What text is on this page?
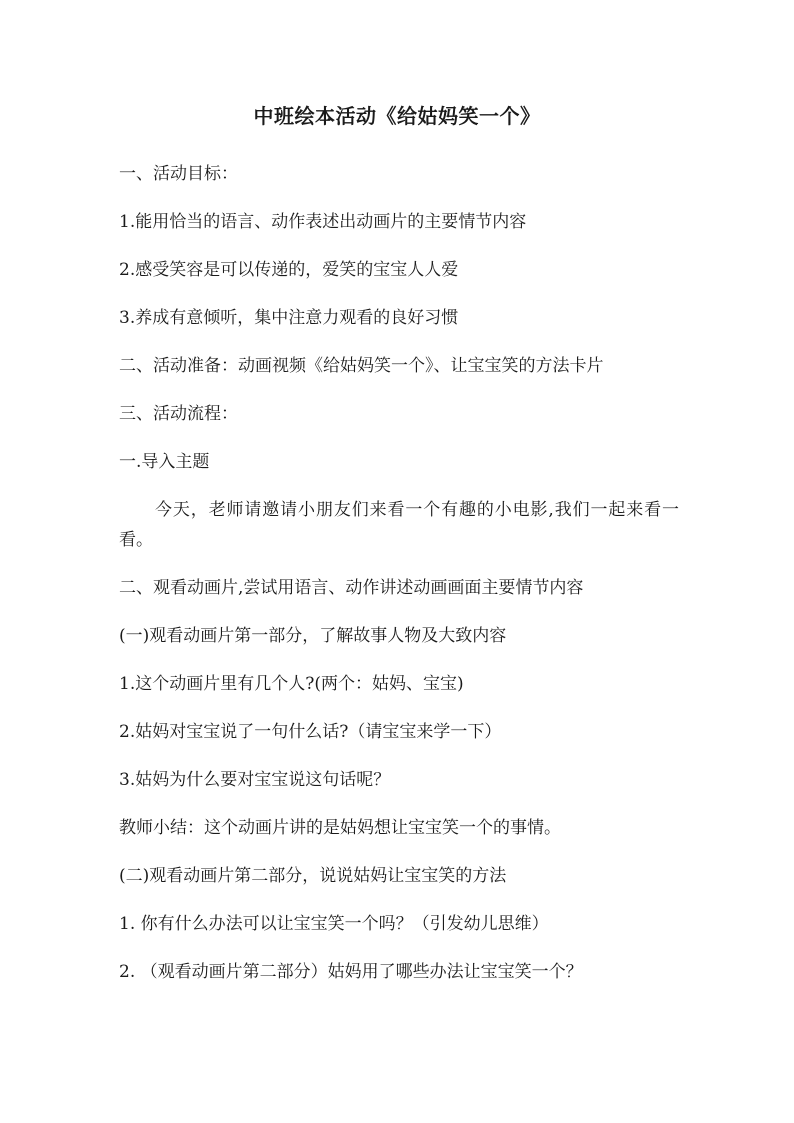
中班绘本活动《给姑妈笑一个》
一、活动目标：
1.能用恰当的语言、动作表述出动画片的主要情节内容
2.感受笑容是可以传递的，爱笑的宝宝人人爱
3.养成有意倾听，集中注意力观看的良好习惯
二、活动准备：动画视频《给姑妈笑一个》、让宝宝笑的方法卡片
三、活动流程：
一.导入主题
今天，老师请邀请小朋友们来看一个有趣的小电影,我们一起来看一看。
二、观看动画片,尝试用语言、动作讲述动画画面主要情节内容
(一)观看动画片第一部分，了解故事人物及大致内容
1.这个动画片里有几个人?(两个：姑妈、宝宝)
2.姑妈对宝宝说了一句什么话?（请宝宝来学一下）
3.姑妈为什么要对宝宝说这句话呢？
教师小结：这个动画片讲的是姑妈想让宝宝笑一个的事情。
(二)观看动画片第二部分，说说姑妈让宝宝笑的方法
1. 你有什么办法可以让宝宝笑一个吗？（引发幼儿思维）
2. （观看动画片第二部分）姑妈用了哪些办法让宝宝笑一个？
